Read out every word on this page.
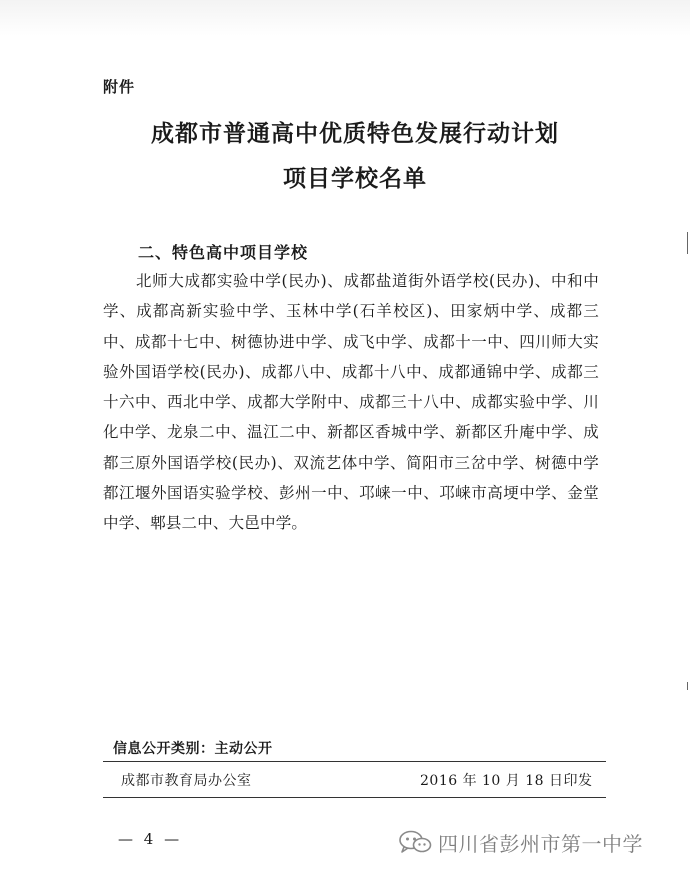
附件
成都市普通高中优质特色发展行动计划
项目学校名单
二、特色高中项目学校
北师大成都实验中学(民办)、成都盐道街外语学校(民办)、中和中学、成都高新实验中学、玉林中学(石羊校区)、田家炳中学、成都三中、成都十七中、树德协进中学、成飞中学、成都十一中、四川师大实验外国语学校(民办)、成都八中、成都十八中、成都通锦中学、成都三十六中、西北中学、成都大学附中、成都三十八中、成都实验中学、川化中学、龙泉二中、温江二中、新都区香城中学、新都区升庵中学、成都三原外国语学校(民办)、双流艺体中学、简阳市三岔中学、树德中学都江堰外国语实验学校、彭州一中、邛崃一中、邛崃市高埂中学、金堂中学、郫县二中、大邑中学。
信息公开类别：主动公开
成都市教育局办公室	2016 年 10 月 18 日印发
— 4 —	四川省彭州市第一中学
